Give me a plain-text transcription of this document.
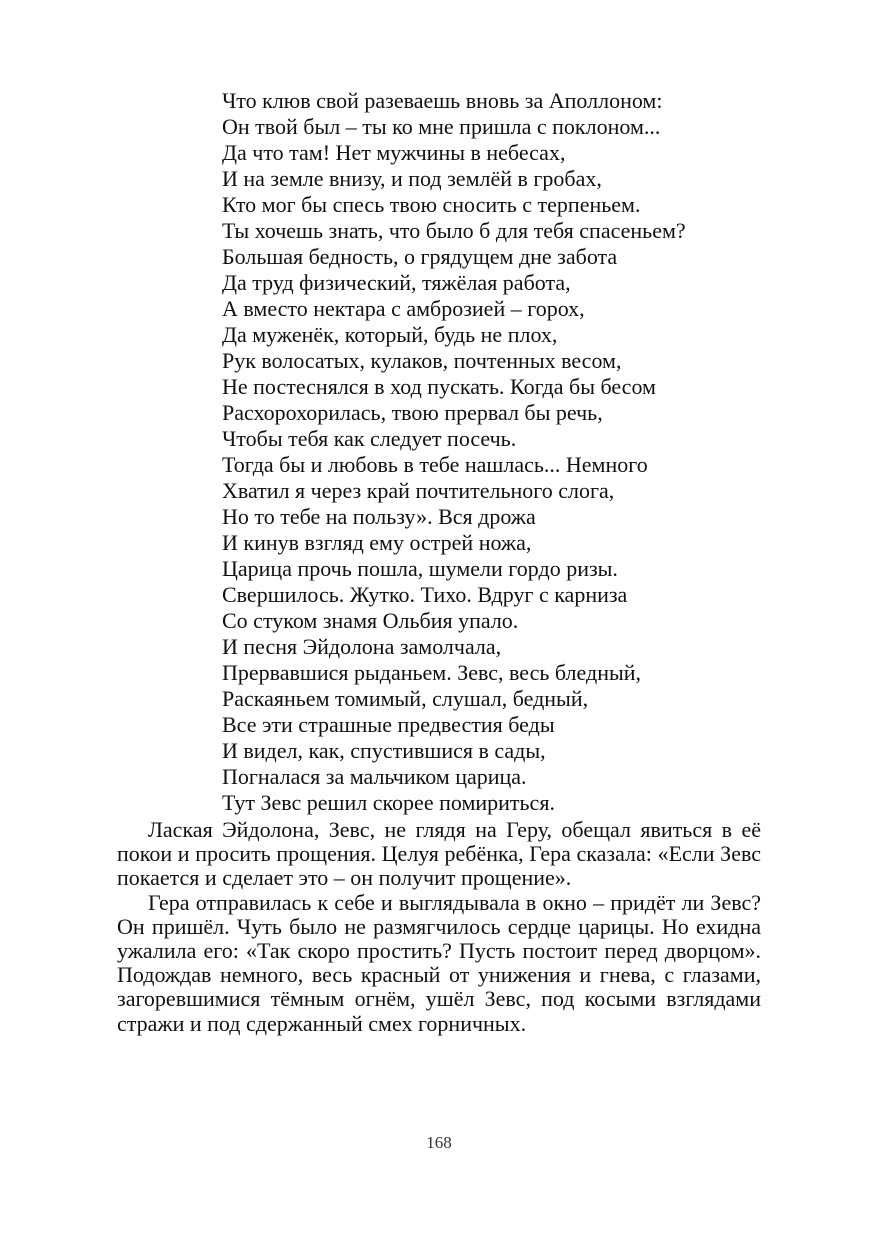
Что клюв свой разеваешь вновь за Аполлоном:
Он твой был – ты ко мне пришла с поклоном...
Да что там! Нет мужчины в небесах,
И на земле внизу, и под землёй в гробах,
Кто мог бы спесь твою сносить с терпеньем.
Ты хочешь знать, что было б для тебя спасеньем?
Большая бедность, о грядущем дне забота
Да труд физический, тяжёлая работа,
А вместо нектара с амброзией – горох,
Да муженёк, который, будь не плох,
Рук волосатых, кулаков, почтенных весом,
Не постеснялся в ход пускать. Когда бы бесом
Расхорохорилась, твою прервал бы речь,
Чтобы тебя как следует посечь.
Тогда бы и любовь в тебе нашлась... Немного
Хватил я через край почтительного слога,
Но то тебе на пользу». Вся дрожа
И кинув взгляд ему острей ножа,
Царица прочь пошла, шумели гордо ризы.
Свершилось. Жутко. Тихо. Вдруг с карниза
Со стуком знамя Ольбия упало.
И песня Эйдолона замолчала,
Прервавшися рыданьем. Зевс, весь бледный,
Раскаяньем томимый, слушал, бедный,
Все эти страшные предвестия беды
И видел, как, спустившися в сады,
Погналася за мальчиком царица.
Тут Зевс решил скорее помириться.

Лаская Эйдолона, Зевс, не глядя на Геру, обещал явиться в её покои и просить прощения. Целуя ребёнка, Гера сказала: «Если Зевс покается и сделает это – он получит прощение».

Гера отправилась к себе и выглядывала в окно – придёт ли Зевс? Он пришёл. Чуть было не размягчилось сердце царицы. Но ехидна ужалила его: «Так скоро простить? Пусть постоит перед дворцом». Подождав немного, весь красный от унижения и гнева, с глазами, загоревшимися тёмным огнём, ушёл Зевс, под косыми взглядами стражи и под сдержанный смех горничных.

168
